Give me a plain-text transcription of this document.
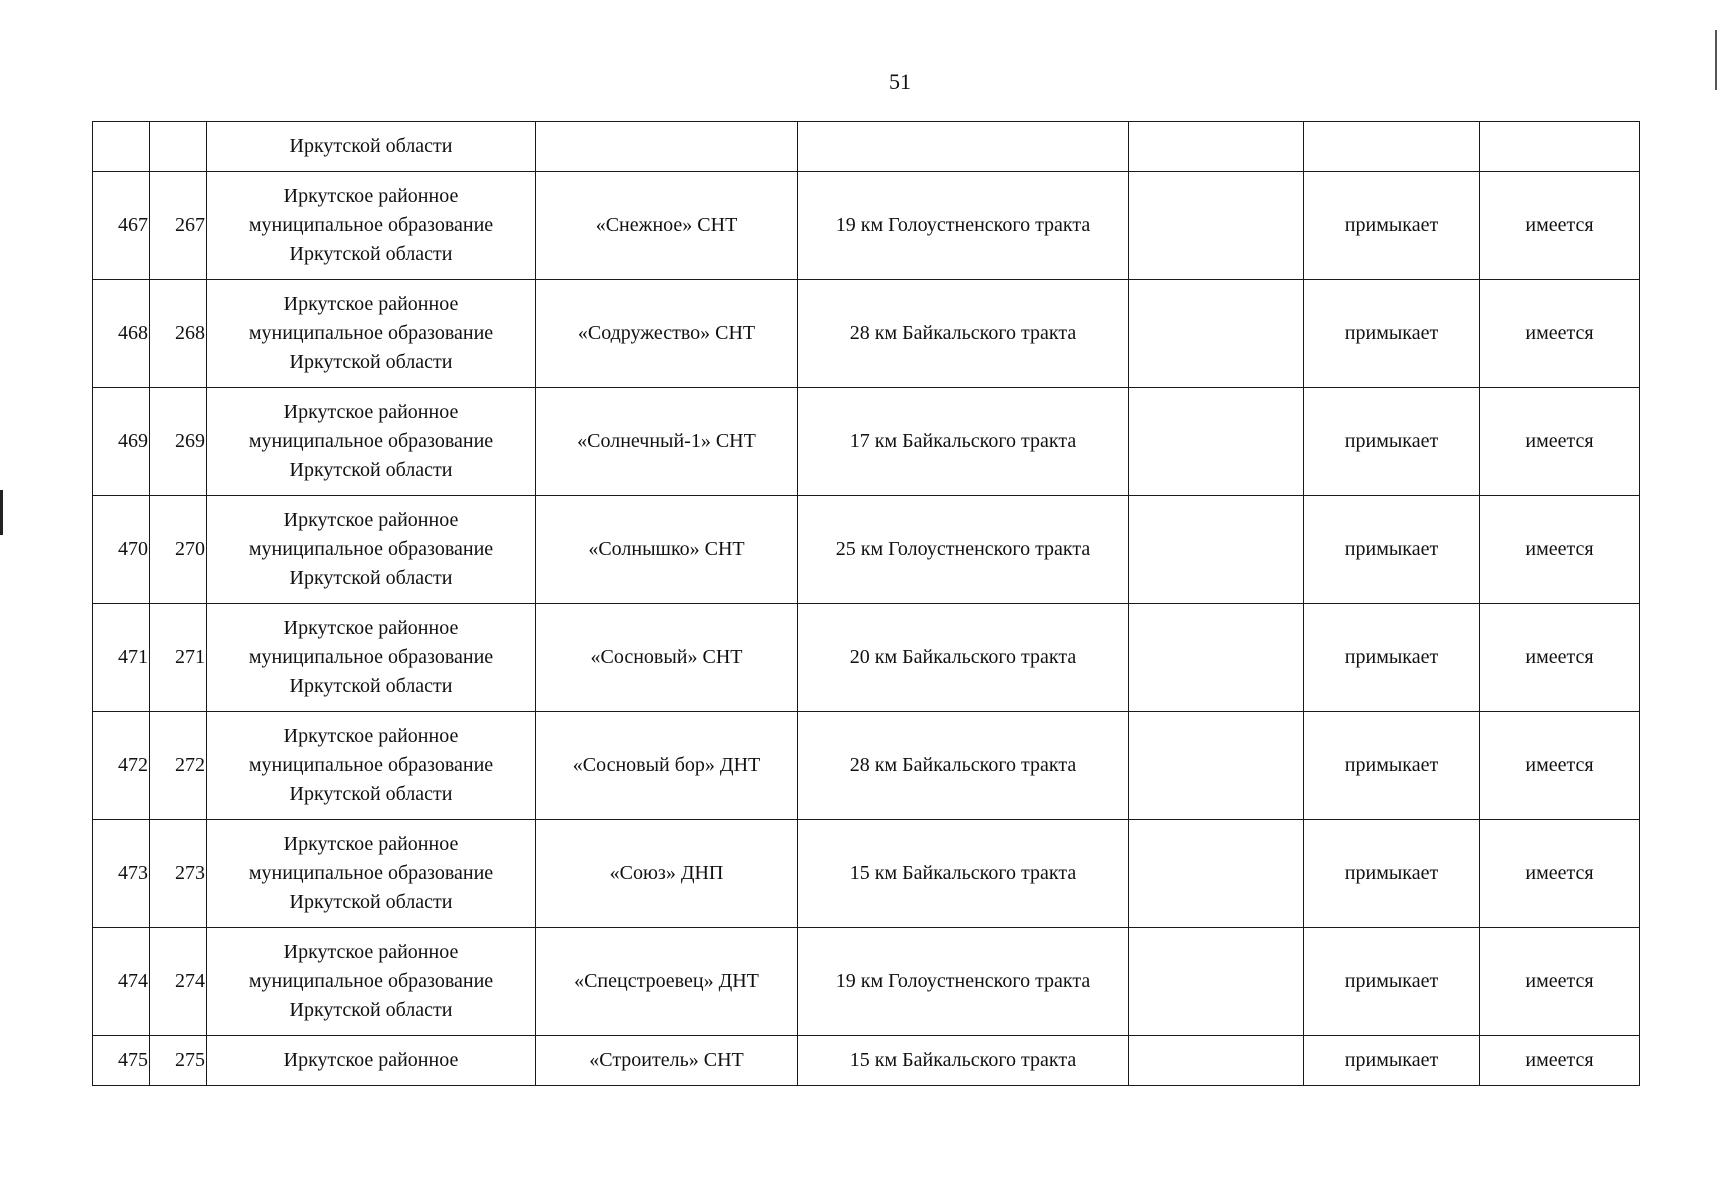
51
		Иркутской области					
467	267	Иркутское районное
муниципальное образование
Иркутской области	«Снежное» СНТ	19 км Голоустненского тракта		примыкает	имеется
468	268	Иркутское районное
муниципальное образование
Иркутской области	«Содружество» СНТ	28 км Байкальского тракта		примыкает	имеется
469	269	Иркутское районное
муниципальное образование
Иркутской области	«Солнечный-1» СНТ	17 км Байкальского тракта		примыкает	имеется
470	270	Иркутское районное
муниципальное образование
Иркутской области	«Солнышко» СНТ	25 км Голоустненского тракта		примыкает	имеется
471	271	Иркутское районное
муниципальное образование
Иркутской области	«Сосновый» СНТ	20 км Байкальского тракта		примыкает	имеется
472	272	Иркутское районное
муниципальное образование
Иркутской области	«Сосновый бор» ДНТ	28 км Байкальского тракта		примыкает	имеется
473	273	Иркутское районное
муниципальное образование
Иркутской области	«Союз» ДНП	15 км Байкальского тракта		примыкает	имеется
474	274	Иркутское районное
муниципальное образование
Иркутской области	«Спецстроевец» ДНТ	19 км Голоустненского тракта		примыкает	имеется
475	275	Иркутское районное	«Строитель» СНТ	15 км Байкальского тракта		примыкает	имеется
